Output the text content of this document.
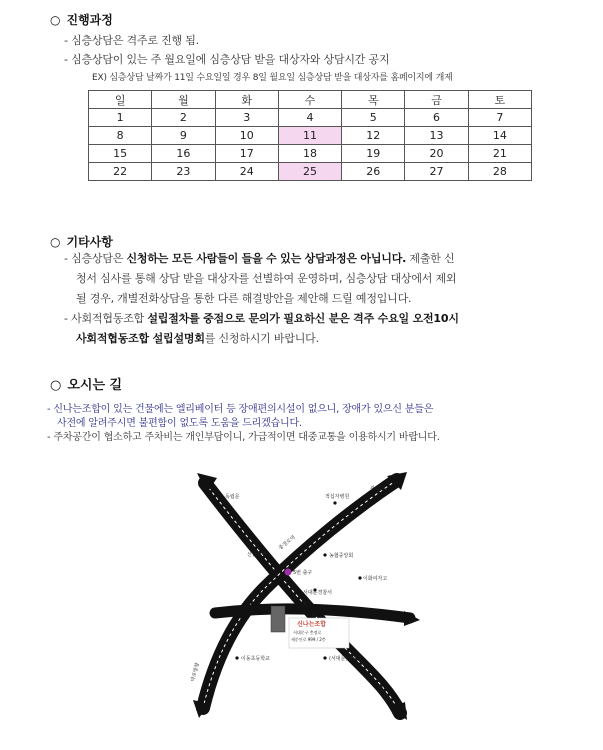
○ 진행과정
- 심층상담은 격주로 진행 됨.
- 심층상담이 있는 주 월요일에 심층상담 받을 대상자와 상담시간 공지
EX) 심층상담 날짜가 11일 수요일일 경우 8일 월요일 심층상담 받을 대상자를 홈페이지에 개제
일	월	화	수	목	금	토
1	2	3	4	5	6	7
8	9	10	11	12	13	14
15	16	17	18	19	20	21
22	23	24	25	26	27	28
○ 기타사항
- 심층상담은 신청하는 모든 사람들이 들을 수 있는 상담과정은 아닙니다. 제출한 신
청서 심사를 통해 상담 받을 대상자를 선별하여 운영하며, 심층상담 대상에서 제외
될 경우, 개별전화상담을 통한 다른 해결방안을 제안해 드릴 예정입니다.
- 사회적협동조합 설립절차를 중점으로 문의가 필요하신 분은 격주 수요일 오전10시
사회적협동조합 설립설명회를 신청하시기 바랍니다.
○ 오시는 길
- 신나는조합이 있는 건물에는 엘리베이터 등 장애편의시설이 없으니, 장애가 있으신 분들은
사전에 알려주시면 불편함이 없도록 도움을 드리겠습니다.
- 주차공간이 협소하고 주차비는 개인부담이니, 가급적이면 대중교통을 이용하시기 바랍니다.
독립문
광화문
적십자병원
신한은행	농협중앙회
충정로역
5번 출구
이화여자고
서대문경찰서
신나는조합
서대문구 충정로
새문안로 999 / 2층
이동초등학교	(서대문)경찰청
마포방향
신촌방향
